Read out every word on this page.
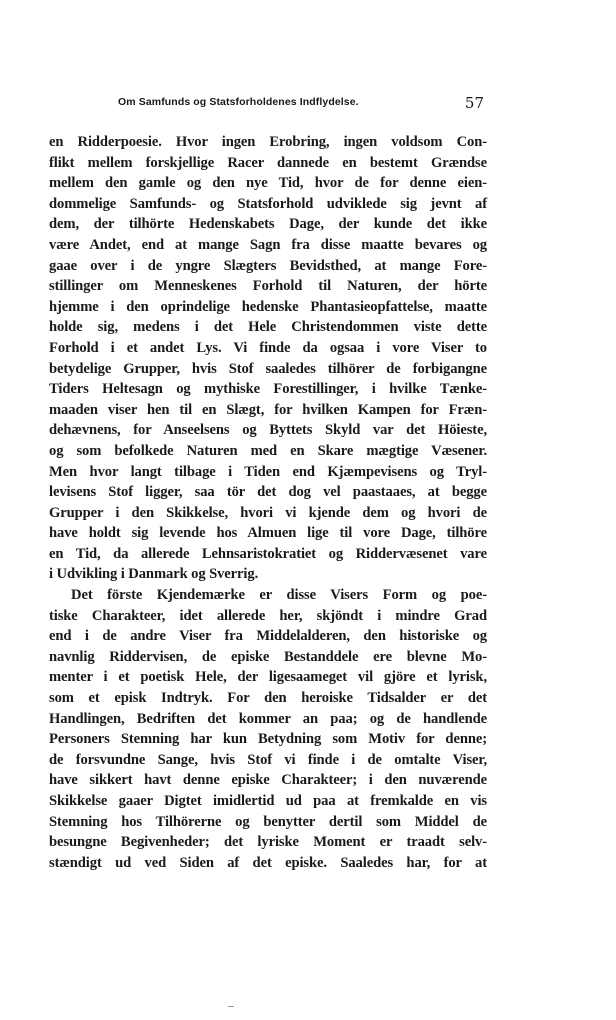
Om Samfunds og Statsforholdenes Indflydelse.	57
en Ridderpoesie. Hvor ingen Erobring, ingen voldsom Con-
flikt mellem forskjellige Racer dannede en bestemt Grændse
mellem den gamle og den nye Tid, hvor de for denne eien-
dommelige Samfunds- og Statsforhold udviklede sig jevnt af
dem, der tilhörte Hedenskabets Dage, der kunde det ikke
være Andet, end at mange Sagn fra disse maatte bevares og
gaae over i de yngre Slægters Bevidsthed, at mange Fore-
stillinger om Menneskenes Forhold til Naturen, der hörte
hjemme i den oprindelige hedenske Phantasieopfattelse, maatte
holde sig, medens i det Hele Christendommen viste dette
Forhold i et andet Lys. Vi finde da ogsaa i vore Viser to
betydelige Grupper, hvis Stof saaledes tilhörer de forbigangne
Tiders Heltesagn og mythiske Forestillinger, i hvilke Tænke-
maaden viser hen til en Slægt, for hvilken Kampen for Fræn-
dehævnens, for Anseelsens og Byttets Skyld var det Höieste,
og som befolkede Naturen med en Skare mægtige Væsener.
Men hvor langt tilbage i Tiden end Kjæmpevisens og Tryl-
levisens Stof ligger, saa tör det dog vel paastaaes, at begge
Grupper i den Skikkelse, hvori vi kjende dem og hvori de
have holdt sig levende hos Almuen lige til vore Dage, tilhöre
en Tid, da allerede Lehnsaristokratiet og Riddervæsenet vare
i Udvikling i Danmark og Sverrig.
Det förste Kjendemærke er disse Visers Form og poe-
tiske Charakteer, idet allerede her, skjöndt i mindre Grad
end i de andre Viser fra Middelalderen, den historiske og
navnlig Riddervisen, de episke Bestanddele ere blevne Mo-
menter i et poetisk Hele, der ligesaameget vil gjöre et lyrisk,
som et episk Indtryk. For den heroiske Tidsalder er det
Handlingen, Bedriften det kommer an paa; og de handlende
Personers Stemning har kun Betydning som Motiv for denne;
de forsvundne Sange, hvis Stof vi finde i de omtalte Viser,
have sikkert havt denne episke Charakteer; i den nuværende
Skikkelse gaaer Digtet imidlertid ud paa at fremkalde en vis
Stemning hos Tilhörerne og benytter dertil som Middel de
besungne Begivenheder; det lyriske Moment er traadt selv-
stændigt ud ved Siden af det episke. Saaledes har, for at
